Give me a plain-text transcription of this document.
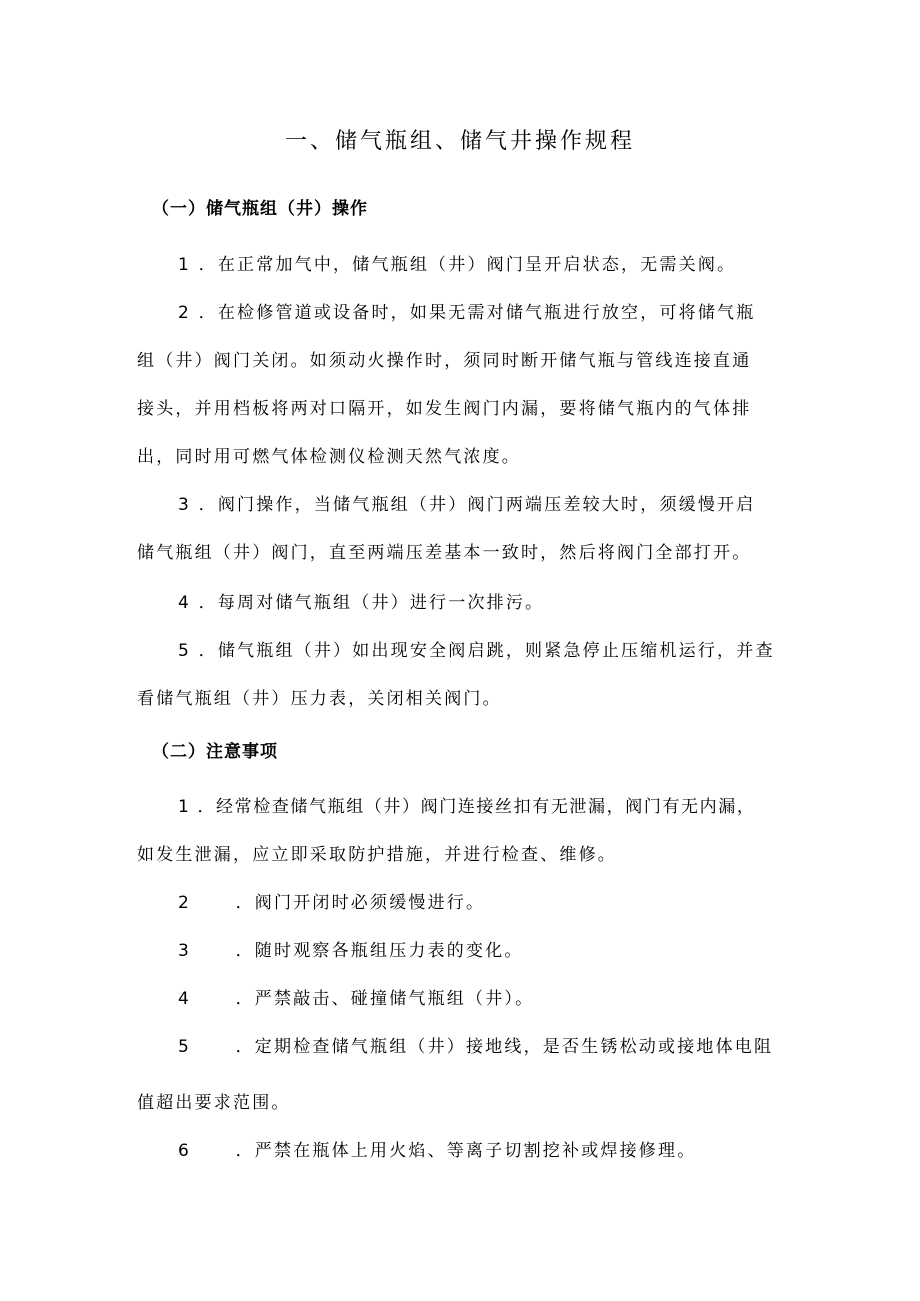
一、储气瓶组、储气井操作规程
（一）储气瓶组（井）操作
1 ．在正常加气中，储气瓶组（井）阀门呈开启状态，无需关阀。
2 ．在检修管道或设备时，如果无需对储气瓶进行放空，可将储气瓶
组（井）阀门关闭。如须动火操作时，须同时断开储气瓶与管线连接直通
接头，并用档板将两对口隔开，如发生阀门内漏，要将储气瓶内的气体排
出，同时用可燃气体检测仪检测天然气浓度。
3 ．阀门操作，当储气瓶组（井）阀门两端压差较大时，须缓慢开启
储气瓶组（井）阀门，直至两端压差基本一致时，然后将阀门全部打开。
4 ．每周对储气瓶组（井）进行一次排污。
5 ．储气瓶组（井）如出现安全阀启跳，则紧急停止压缩机运行，并查
看储气瓶组（井）压力表，关闭相关阀门。
（二）注意事项
1 ．经常检查储气瓶组（井）阀门连接丝扣有无泄漏，阀门有无内漏，
如发生泄漏，应立即采取防护措施，并进行检查、维修。
2	．阀门开闭时必须缓慢进行。
3	．随时观察各瓶组压力表的变化。
4	．严禁敲击、碰撞储气瓶组（井）。
5	．定期检查储气瓶组（井）接地线，是否生锈松动或接地体电阻
值超出要求范围。
6	．严禁在瓶体上用火焰、等离子切割挖补或焊接修理。
